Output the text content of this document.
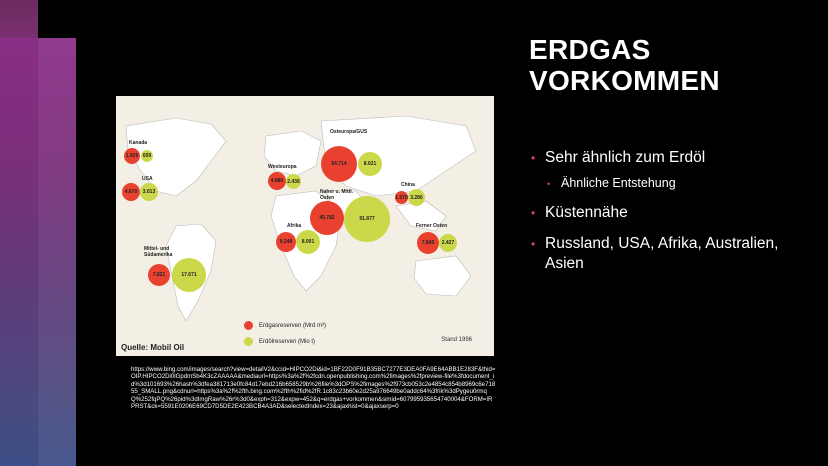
ERDGAS
VORKOMMEN
• Sehr ähnlich zum Erdöl
• Ähnliche Entstehung
• Küstennähe
• Russland, USA, Afrika, Australien, Asien
Kanada
1.929 659
USA
4.670	3.013
Mittel- und Südamerika
7.821	17.671
Westeuropa
4.880 2.436
Osteuropa/GUS
54.714	8.021
Naher u. Mittl. Osten
45.782	91.877
Afrika
9.248	8.001
China
1.570 3.286
Ferner Osten
7.845	2.427
Erdgasreserven (Mrd m³)
Erdölreserven (Mio t)
Quelle: Mobil Oil
Stand 1996
https://www.bing.com/images/search?view=detailV2&ccid=HIPCO2Di&id=1BF22D0F91B35BC7277E3DEA0FA9E64ABB1E283F&thid=OIP.HIPCO2Di0lGpdmSb4K3cZAAAAA&mediaurl=https%3a%2f%2fcdn.openpublishing.com%2fimages%2fpreview-file%3fdocument_id%3d101693%26hash%3dfea381713e0fc84d17ebd216b658529b%26file%3dOPS%2fimages%2f973cb053c2e4854c854b8969c6e71855_SMALL.png&cdnurl=https%3a%2f%2fth.bing.com%2fth%2fid%2fR.1c83c23b60e2d25a976649be0addc64%3frik%3dPygeu0rmqQ%252fqPQ%26pid%3dImgRaw%26r%3d0&exph=312&expw=452&q=erdgas+vorkommen&simid=607995935654740004&FORM=IRPRST&ck=5591E0206E69CD7D5DE2E423BCB4A3AD&selectedIndex=23&ajaxhist=0&ajaxserp=0
